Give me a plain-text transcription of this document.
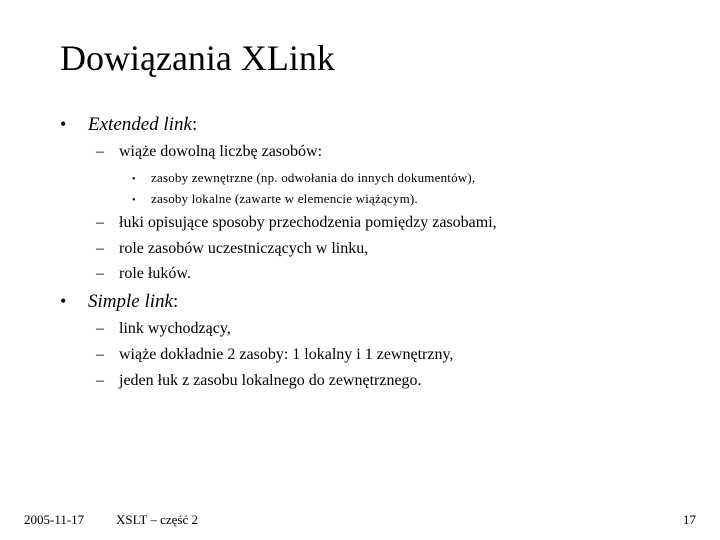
Dowiązania XLink
•	Extended link :
– wiąże dowolną liczbę zasobów:
•	zasoby zewnętrzne (np. odwołania do innych dokumentów),
•	zasoby lokalne (zawarte w elemencie wiążącym).
– łuki opisujące sposoby przechodzenia pomiędzy zasobami,
– role zasobów uczestniczących w linku,
– role łuków.
•	Simple link :
– link wychodzący,
– wiąże dokładnie 2 zasoby: 1 lokalny i 1 zewnętrzny,
– jeden łuk z zasobu lokalnego do zewnętrznego.
2005-11-17 XSLT – część 2	17
